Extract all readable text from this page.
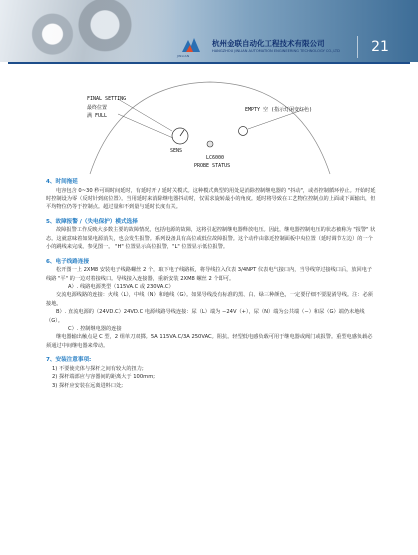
JINLIAN
杭州金联自动化工程技术有限公司
HANGZHOU JINLIAN AUTOMATION ENGINEERING TECHNOLOGY CO.,LTD	21
FINAL SETTING
最终位置
满 FULL
EMPTY 空 (指示灯闲变红色)
SENS
LC6000
PROBE STATUS

4、时间拖延

电容包含 0~30 秒可调时间延时，有延时开 / 延时关模式。这种模式典型的用处是消除控制继电器的 "抖动"，或者控制循环停止。开始时延时控制设为零（反时针到底位置）。当用延时来消除继电器抖动时，仅需求旋转最小的角度。延时将导致在工艺物位控制点的上面或下面输出，但平均物位仍等于控制点。超过量和不到量与延时长度有关。

5、故障报警 /（失电保护）模式选择

故障报警工作反映大多数主要的故障情况，包括电源的故障，这将引起控制继电器释放电压。因此，继电器控制电压的状态被称为 "报警" 状态。这就意味着如果电源消失，也会发生报警。系列设备具有高位或低位故障报警。这个动作由靠近控制面板中央位置（延时调节左边）的一个小的跳线来完成。参见图一。 "H" 位置显示高位报警，"L" 位置显示低位报警。

6、电子线路连接

松开图一上 2XM8 安装电子线路螺丝 2 个，取下电子线路板，将导线拉入仪表 3/4NPT 仪表电气接口内，当导线穿过接线口后，放回电子线路 "平" 的一边对着接线口。导线接入连接器，重新安装 2XM8 螺丝 2 个即可。

A）. 线路电源类型（115VA.C 或 230VA.C）

交流电源线路的连接：火线（L），中线（N）和地线（G）。如果导线没有标准的黑、白、绿三种颜色，一定要仔细不要混淆导线。注：必须接地。

B）. 直流电源的（24VD.C）24VD.C 电源线路导线连接：尿（L）端为 −24V（+），尿（N）端为公共端（−）和尿（G）端仍未地线（G）。

C）. 控制继电器的连接

继电器输出触点是 C 型，2 组单刀双掷。5A 115VA.C/3A 250VAC。阻抗。轻型低电感负载可用于继电器或阀门或报警。重型电感负载必须通过中间继电器来带动。

7、安装注意事项:

1) 不要使壳体与探杆之间有较大的扭力;

2) 探杆端部应与容器间的距离大于 100mm;

3) 探杆应安装在远离进料口处;
